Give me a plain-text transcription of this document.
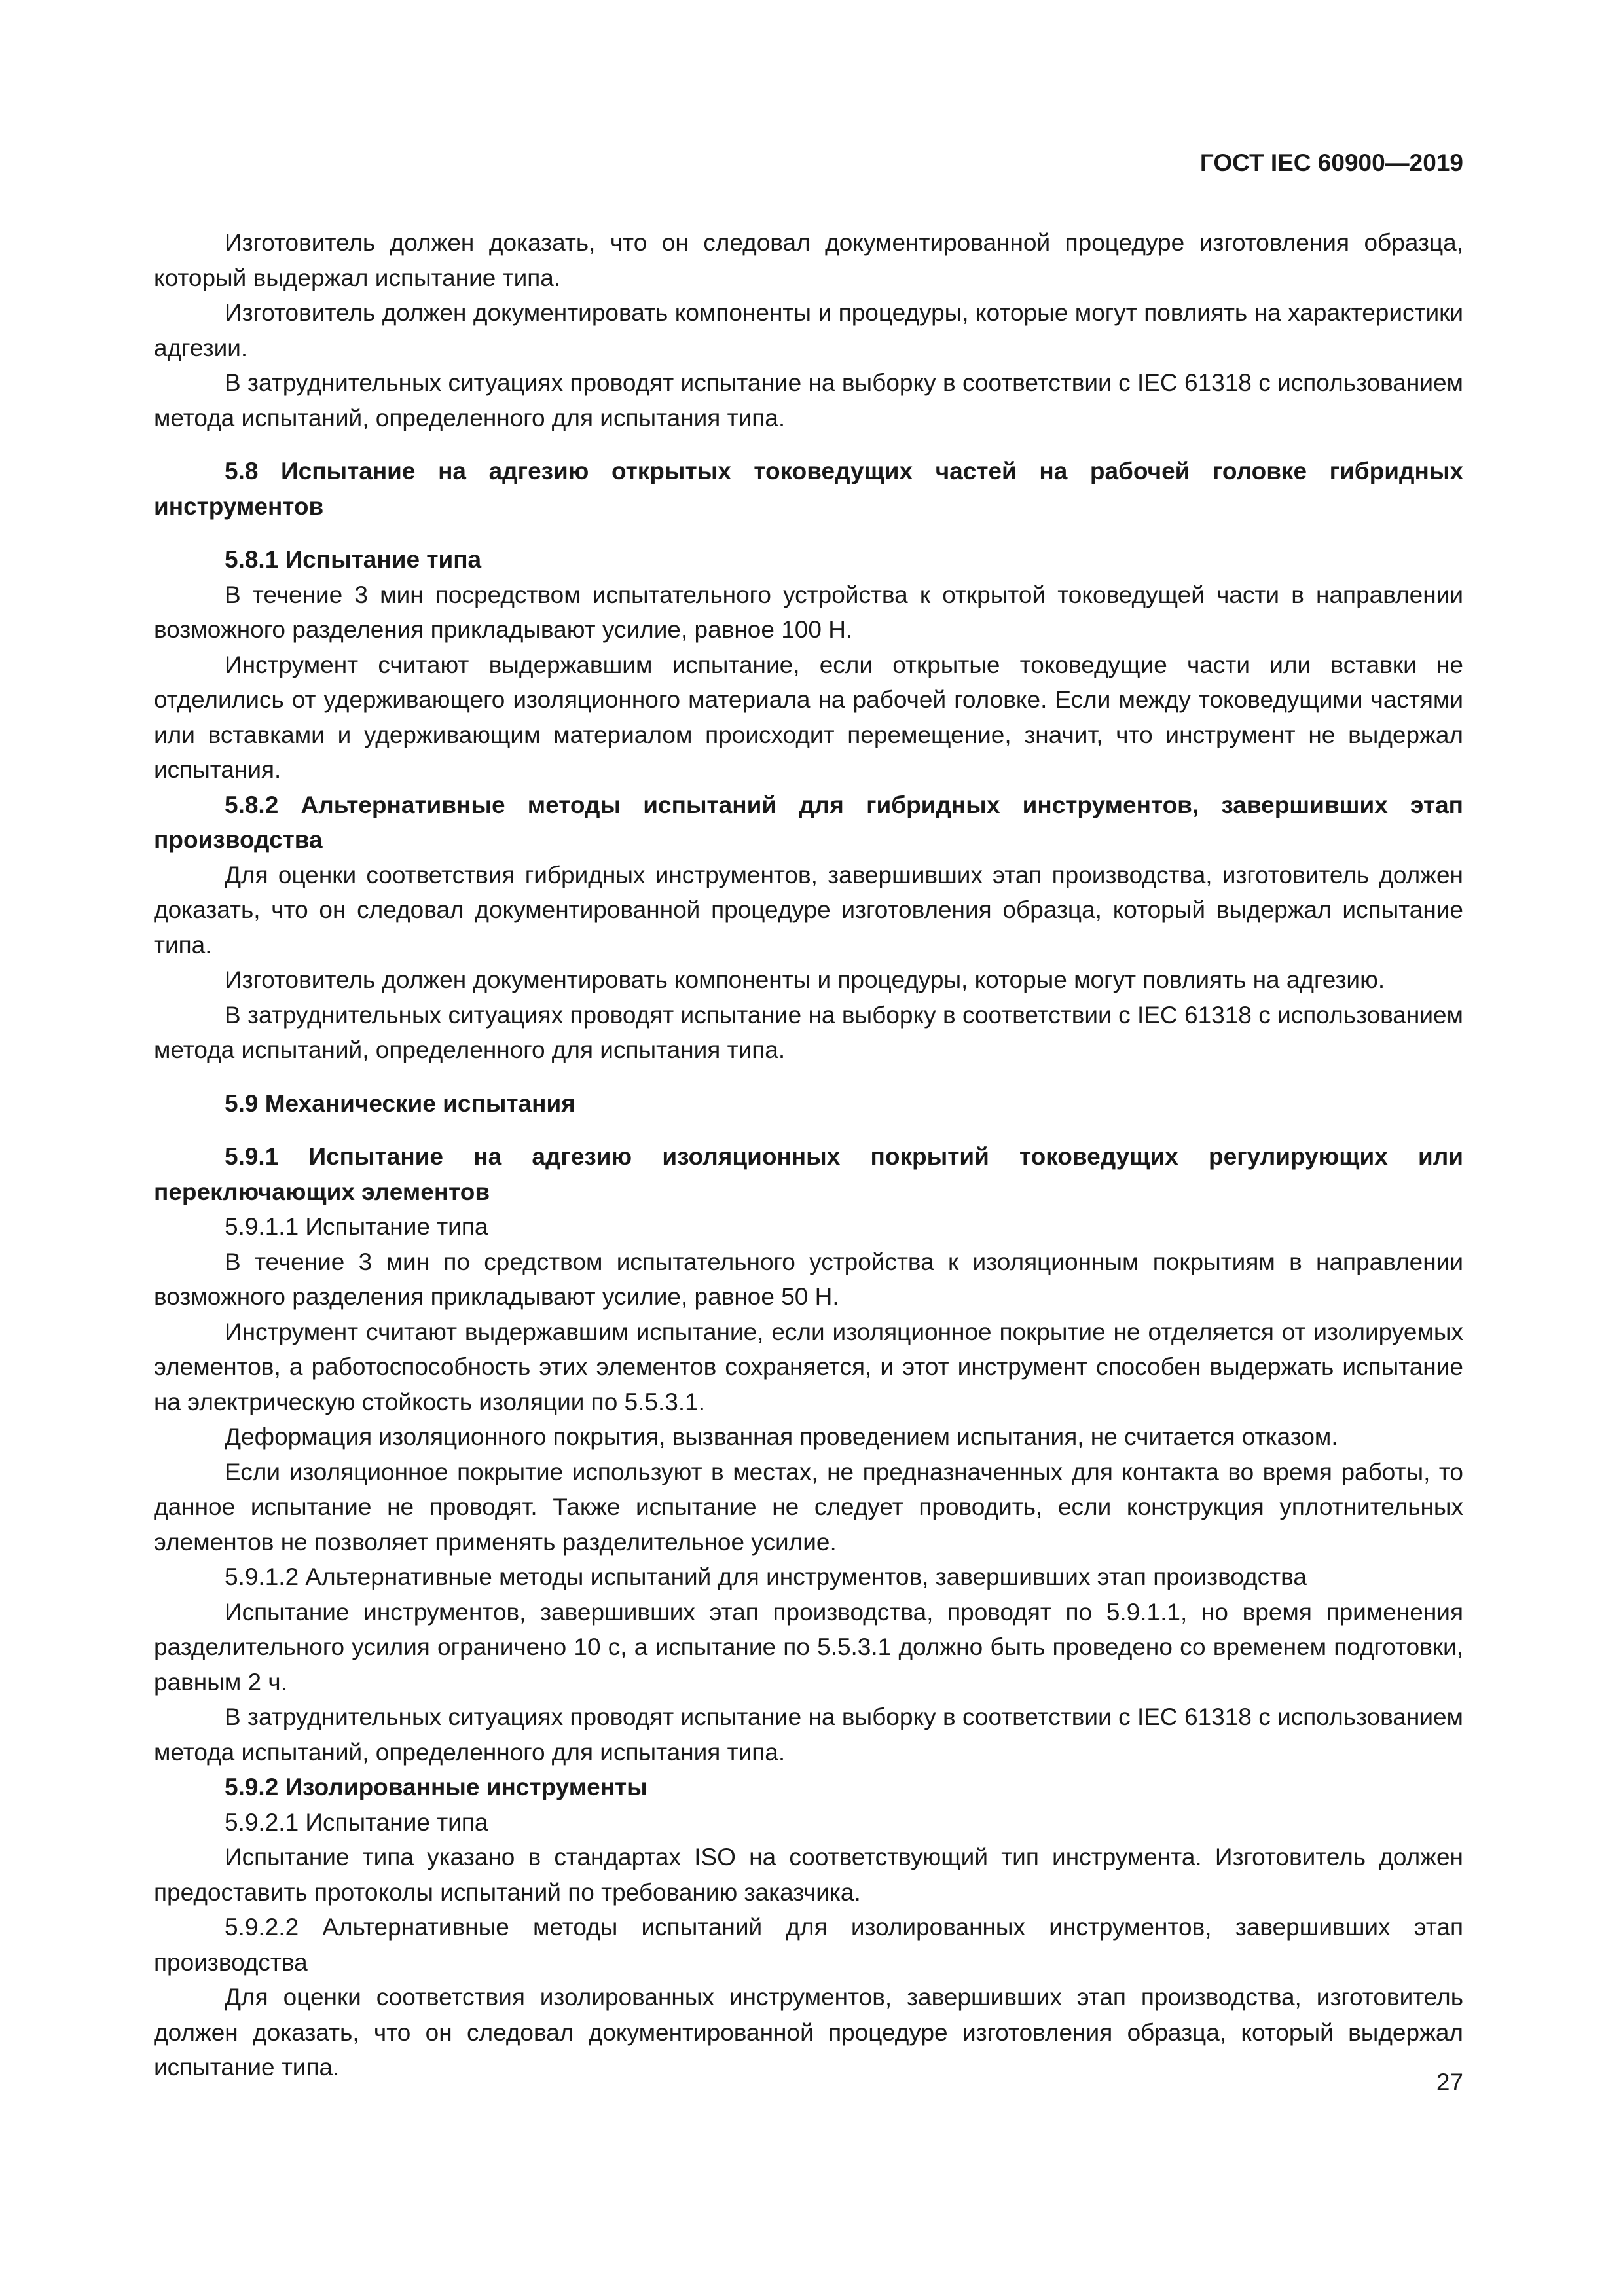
ГОСТ IEC 60900—2019

Изготовитель должен доказать, что он следовал документированной процедуре изготовления образца, который выдержал испытание типа.

Изготовитель должен документировать компоненты и процедуры, которые могут повлиять на характеристики адгезии.

В затруднительных ситуациях проводят испытание на выборку в соответствии с IEC 61318 с использованием метода испытаний, определенного для испытания типа.

5.8 Испытание на адгезию открытых токоведущих частей на рабочей головке гибридных инструментов

5.8.1 Испытание типа

В течение 3 мин посредством испытательного устройства к открытой токоведущей части в направлении возможного разделения прикладывают усилие, равное 100 Н.

Инструмент считают выдержавшим испытание, если открытые токоведущие части или вставки не отделились от удерживающего изоляционного материала на рабочей головке. Если между токоведущими частями или вставками и удерживающим материалом происходит перемещение, значит, что инструмент не выдержал испытания.

5.8.2 Альтернативные методы испытаний для гибридных инструментов, завершивших этап производства

Для оценки соответствия гибридных инструментов, завершивших этап производства, изготовитель должен доказать, что он следовал документированной процедуре изготовления образца, который выдержал испытание типа.

Изготовитель должен документировать компоненты и процедуры, которые могут повлиять на адгезию.

В затруднительных ситуациях проводят испытание на выборку в соответствии с IEC 61318 с использованием метода испытаний, определенного для испытания типа.

5.9 Механические испытания

5.9.1 Испытание на адгезию изоляционных покрытий токоведущих регулирующих или переключающих элементов

5.9.1.1 Испытание типа

В течение 3 мин по средством испытательного устройства к изоляционным покрытиям в направлении возможного разделения прикладывают усилие, равное 50 Н.

Инструмент считают выдержавшим испытание, если изоляционное покрытие не отделяется от изолируемых элементов, а работоспособность этих элементов сохраняется, и этот инструмент способен выдержать испытание на электрическую стойкость изоляции по 5.5.3.1.

Деформация изоляционного покрытия, вызванная проведением испытания, не считается отказом.

Если изоляционное покрытие используют в местах, не предназначенных для контакта во время работы, то данное испытание не проводят. Также испытание не следует проводить, если конструкция уплотнительных элементов не позволяет применять разделительное усилие.

5.9.1.2 Альтернативные методы испытаний для инструментов, завершивших этап производства

Испытание инструментов, завершивших этап производства, проводят по 5.9.1.1, но время применения разделительного усилия ограничено 10 с, а испытание по 5.5.3.1 должно быть проведено со временем подготовки, равным 2 ч.

В затруднительных ситуациях проводят испытание на выборку в соответствии с IEC 61318 с использованием метода испытаний, определенного для испытания типа.

5.9.2 Изолированные инструменты

5.9.2.1 Испытание типа

Испытание типа указано в стандартах ISO на соответствующий тип инструмента. Изготовитель должен предоставить протоколы испытаний по требованию заказчика.

5.9.2.2 Альтернативные методы испытаний для изолированных инструментов, завершивших этап производства

Для оценки соответствия изолированных инструментов, завершивших этап производства, изготовитель должен доказать, что он следовал документированной процедуре изготовления образца, который выдержал испытание типа.

27
